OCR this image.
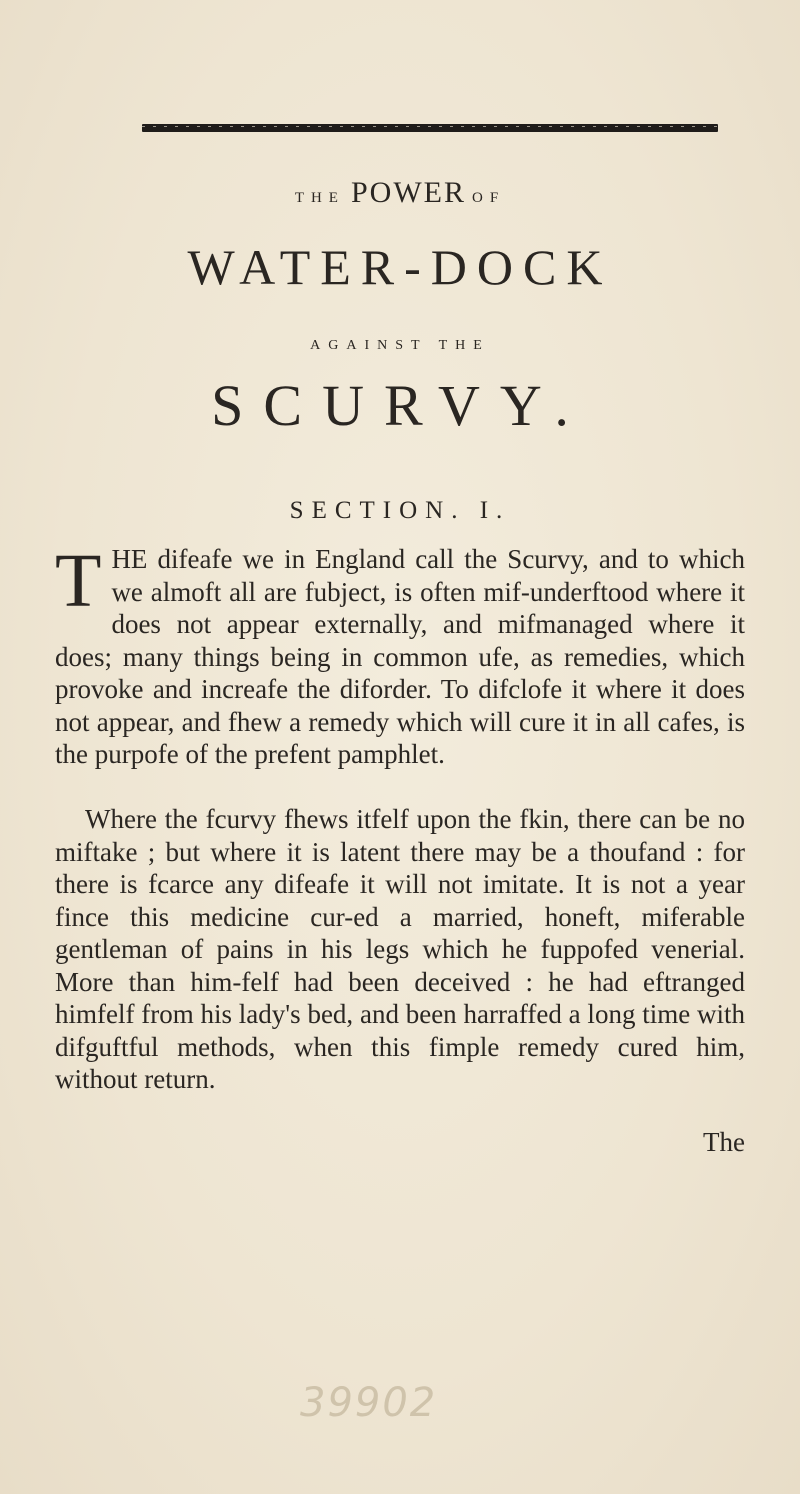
THE POWER OF
WATER-DOCK
AGAINST THE
SCURVY.
SECTION. I.
THE difeafe we in England call the Scurvy, and to which we almoft all are fubject, is often mif-underftood where it does not appear externally, and mifmanaged where it does; many things being in common ufe, as remedies, which provoke and increafe the diforder. To difclofe it where it does not appear, and fhew a remedy which will cure it in all cafes, is the purpofe of the prefent pamphlet.
Where the fcurvy fhews itfelf upon the fkin, there can be no miftake ; but where it is latent there may be a thoufand : for there is fcarce any difeafe it will not imitate. It is not a year fince this medicine cur-ed a married, honeft, miferable gentleman of pains in his legs which he fuppofed venerial. More than him-felf had been deceived : he had eftranged himfelf from his lady's bed, and been harraffed a long time with difguftful methods, when this fimple remedy cured him, without return.
The
39902
